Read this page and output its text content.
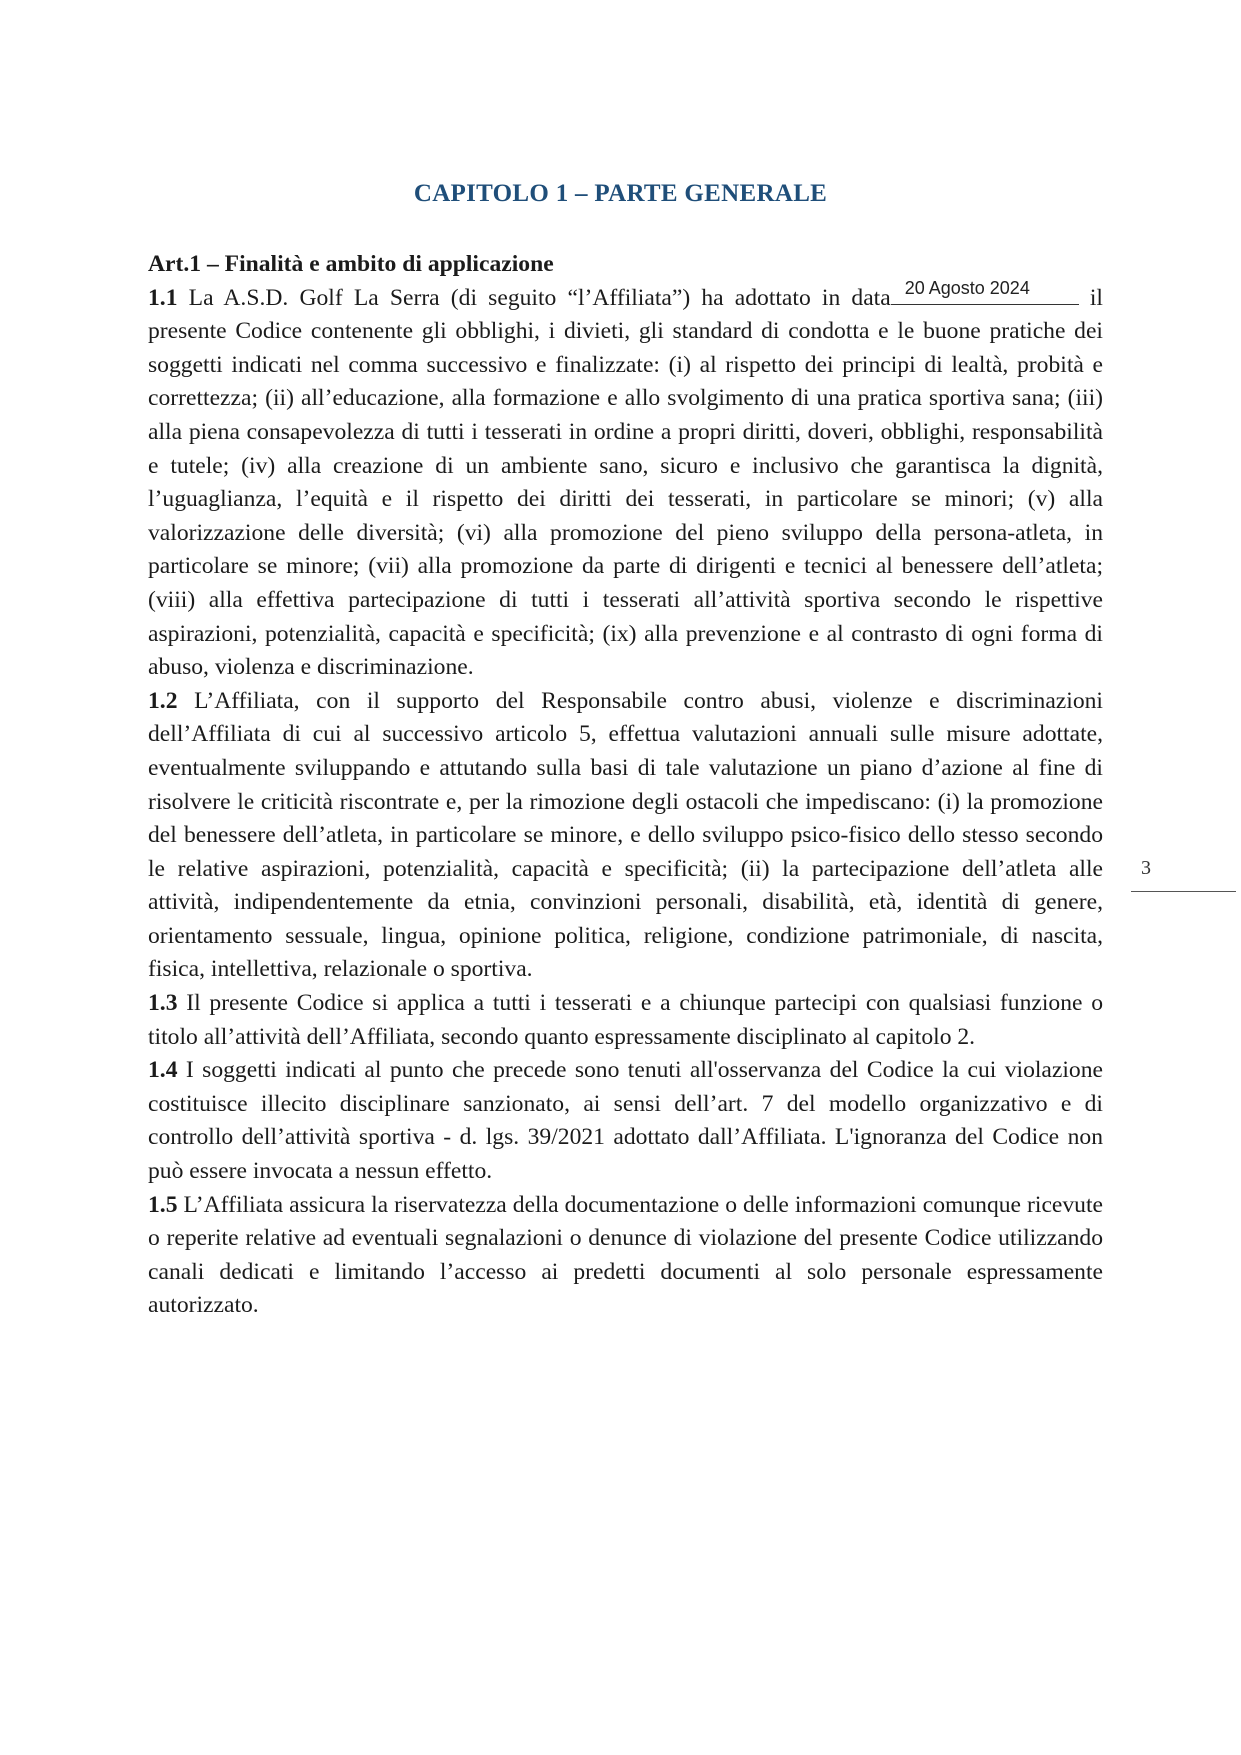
CAPITOLO 1 – PARTE GENERALE
Art.1 – Finalità e ambito di applicazione

1.1 La A.S.D. Golf La Serra (di seguito “l’Affiliata”) ha adottato in data 20 Agosto 2024 il presente Codice contenente gli obblighi, i divieti, gli standard di condotta e le buone pratiche dei soggetti indicati nel comma successivo e finalizzate: (i) al rispetto dei principi di lealtà, probità e correttezza; (ii) all’educazione, alla formazione e allo svolgimento di una pratica sportiva sana; (iii) alla piena consapevolezza di tutti i tesserati in ordine a propri diritti, doveri, obblighi, responsabilità e tutele; (iv) alla creazione di un ambiente sano, sicuro e inclusivo che garantisca la dignità, l’uguaglianza, l’equità e il rispetto dei diritti dei tesserati, in particolare se minori; (v) alla valorizzazione delle diversità; (vi) alla promozione del pieno sviluppo della persona-atleta, in particolare se minore; (vii) alla promozione da parte di dirigenti e tecnici al benessere dell’atleta; (viii) alla effettiva partecipazione di tutti i tesserati all’attività sportiva secondo le rispettive aspirazioni, potenzialità, capacità e specificità; (ix) alla prevenzione e al contrasto di ogni forma di abuso, violenza e discriminazione.

1.2 L’Affiliata, con il supporto del Responsabile contro abusi, violenze e discriminazioni dell’Affiliata di cui al successivo articolo 5, effettua valutazioni annuali sulle misure adottate, eventualmente sviluppando e attutando sulla basi di tale valutazione un piano d’azione al fine di risolvere le criticità riscontrate e, per la rimozione degli ostacoli che impediscano: (i) la promozione del benessere dell’atleta, in particolare se minore, e dello sviluppo psico-fisico dello stesso secondo le relative aspirazioni, potenzialità, capacità e specificità; (ii) la partecipazione dell’atleta alle attività, indipendentemente da etnia, convinzioni personali, disabilità, età, identità di genere, orientamento sessuale, lingua, opinione politica, religione, condizione patrimoniale, di nascita, fisica, intellettiva, relazionale o sportiva.

1.3 Il presente Codice si applica a tutti i tesserati e a chiunque partecipi con qualsiasi funzione o titolo all’attività dell’Affiliata, secondo quanto espressamente disciplinato al capitolo 2.

1.4 I soggetti indicati al punto che precede sono tenuti all'osservanza del Codice la cui violazione costituisce illecito disciplinare sanzionato, ai sensi dell’art. 7 del modello organizzativo e di controllo dell’attività sportiva - d. lgs. 39/2021 adottato dall’Affiliata. L'ignoranza del Codice non può essere invocata a nessun effetto.

1.5 L’Affiliata assicura la riservatezza della documentazione o delle informazioni comunque ricevute o reperite relative ad eventuali segnalazioni o denunce di violazione del presente Codice utilizzando canali dedicati e limitando l’accesso ai predetti documenti al solo personale espressamente autorizzato.

3
